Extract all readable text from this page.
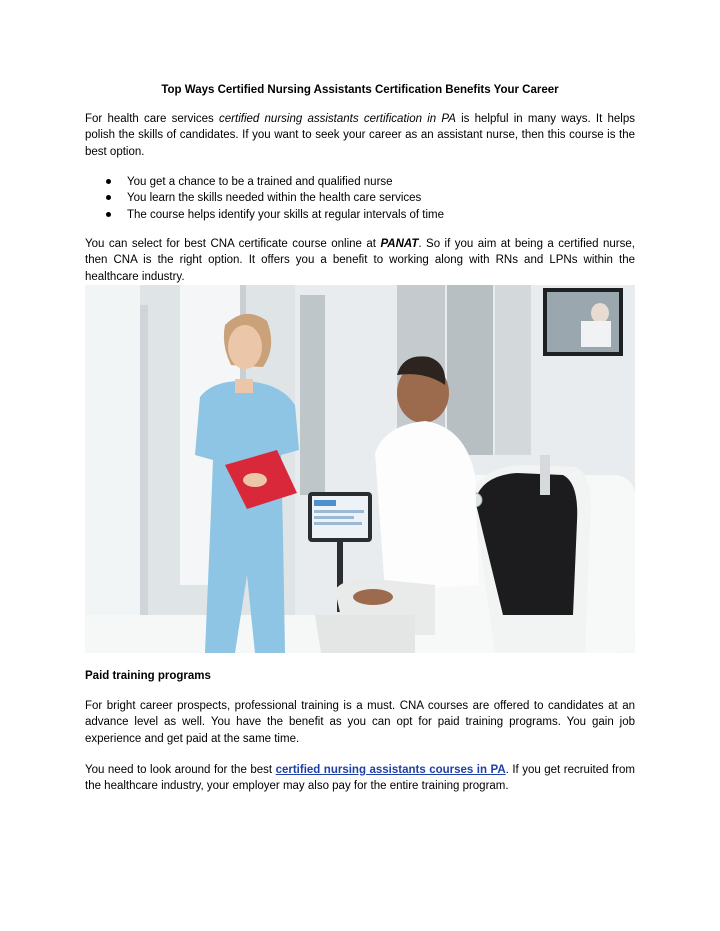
Top Ways Certified Nursing Assistants Certification Benefits Your Career
For health care services certified nursing assistants certification in PA is helpful in many ways. It helps polish the skills of candidates. If you want to seek your career as an assistant nurse, then this course is the best option.
You get a chance to be a trained and qualified nurse
You learn the skills needed within the health care services
The course helps identify your skills at regular intervals of time
You can select for best CNA certificate course online at PANAT. So if you aim at being a certified nurse, then CNA is the right option. It offers you a benefit to working along with RNs and LPNs within the healthcare industry.
Paid training programs
For bright career prospects, professional training is a must. CNA courses are offered to candidates at an advance level as well. You have the benefit as you can opt for paid training programs. You gain job experience and get paid at the same time.
You need to look around for the best certified nursing assistants courses in PA. If you get recruited from the healthcare industry, your employer may also pay for the entire training program.
